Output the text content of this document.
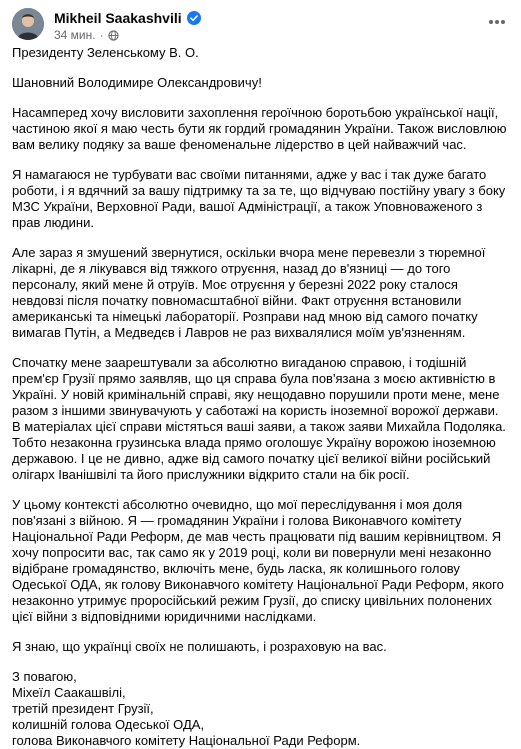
Mikheil Saakashvili
34 мин. ·

Президенту Зеленському В. О.

Шановний Володимире Олександровичу!

Насамперед хочу висловити захоплення героїчною боротьбою української нації, частиною якої я маю честь бути як гордий громадянин України. Також висловлюю вам велику подяку за ваше феноменальне лідерство в цей найважчий час.

Я намагаюся не турбувати вас своїми питаннями, адже у вас і так дуже багато роботи, і я вдячний за вашу підтримку та за те, що відчуваю постійну увагу з боку МЗС України, Верховної Ради, вашої Адміністрації, а також Уповноваженого з прав людини.

Але зараз я змушений звернутися, оскільки вчора мене перевезли з тюремної лікарні, де я лікувався від тяжкого отруєння, назад до в'язниці — до того персоналу, який мене й отруїв. Моє отруєння у березні 2022 року сталося невдовзі після початку повномасштабної війни. Факт отруєння встановили американські та німецькі лабораторії. Розправи над мною від самого початку вимагав Путін, а Медведєв і Лавров не раз вихвалялися моїм ув'язненням.

Спочатку мене заарештували за абсолютно вигаданою справою, і тодішній прем'єр Грузії прямо заявляв, що ця справа була пов'язана з моєю активністю в Україні. У новій кримінальній справі, яку нещодавно порушили проти мене, мене разом з іншими звинувачують у саботажі на користь іноземної ворожої держави. В матеріалах цієї справи містяться ваші заяви, а також заяви Михайла Подоляка. Тобто незаконна грузинська влада прямо оголошує Україну ворожою іноземною державою. І це не дивно, адже від самого початку цієї великої війни російський олігарх Іванішвілі та його прислужники відкрито стали на бік росії.

У цьому контексті абсолютно очевидно, що мої переслідування і моя доля пов'язані з війною. Я — громадянин України і голова Виконавчого комітету Національної Ради Реформ, де мав честь працювати під вашим керівництвом. Я хочу попросити вас, так само як у 2019 році, коли ви повернули мені незаконно відібране громадянство, включіть мене, будь ласка, як колишнього голову Одеської ОДА, як голову Виконавчого комітету Національної Ради Реформ, якого незаконно утримує проросійський режим Грузії, до списку цивільних полонених цієї війни з відповідними юридичними наслідками.

Я знаю, що українці своїх не полишають, і розраховую на вас.

З повагою,

Міхеїл Саакашвілі,

третій президент Грузії,

колишній голова Одеської ОДА,

голова Виконавчого комітету Національної Ради Реформ.
